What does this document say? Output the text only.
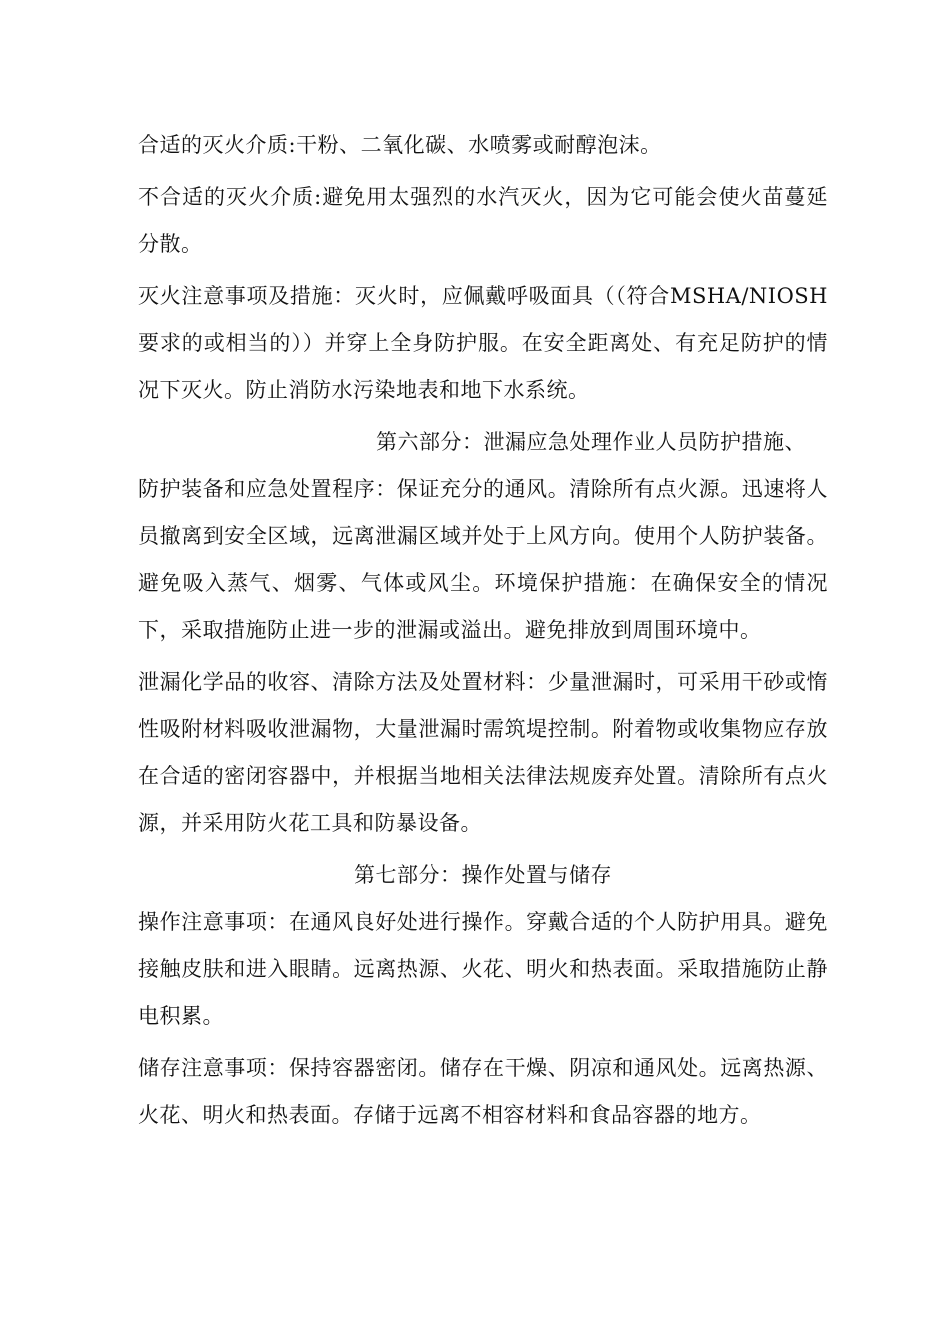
合适的灭火介质:干粉、二氧化碳、水喷雾或耐醇泡沫。

不合适的灭火介质:避免用太强烈的水汽灭火，因为它可能会使火苗蔓延分散。

灭火注意事项及措施：灭火时，应佩戴呼吸面具（（符合MSHA/NIOSH要求的或相当的））并穿上全身防护服。在安全距离处、有充足防护的情况下灭火。防止消防水污染地表和地下水系统。

第六部分：泄漏应急处理作业人员防护措施、

防护装备和应急处置程序：保证充分的通风。清除所有点火源。迅速将人员撤离到安全区域，远离泄漏区域并处于上风方向。使用个人防护装备。避免吸入蒸气、烟雾、气体或风尘。环境保护措施：在确保安全的情况下，采取措施防止进一步的泄漏或溢出。避免排放到周围环境中。

泄漏化学品的收容、清除方法及处置材料：少量泄漏时，可采用干砂或惰性吸附材料吸收泄漏物，大量泄漏时需筑堤控制。附着物或收集物应存放在合适的密闭容器中，并根据当地相关法律法规废弃处置。清除所有点火源，并采用防火花工具和防暴设备。

第七部分：操作处置与储存

操作注意事项：在通风良好处进行操作。穿戴合适的个人防护用具。避免接触皮肤和进入眼睛。远离热源、火花、明火和热表面。采取措施防止静电积累。

储存注意事项：保持容器密闭。储存在干燥、阴凉和通风处。远离热源、火花、明火和热表面。存储于远离不相容材料和食品容器的地方。
